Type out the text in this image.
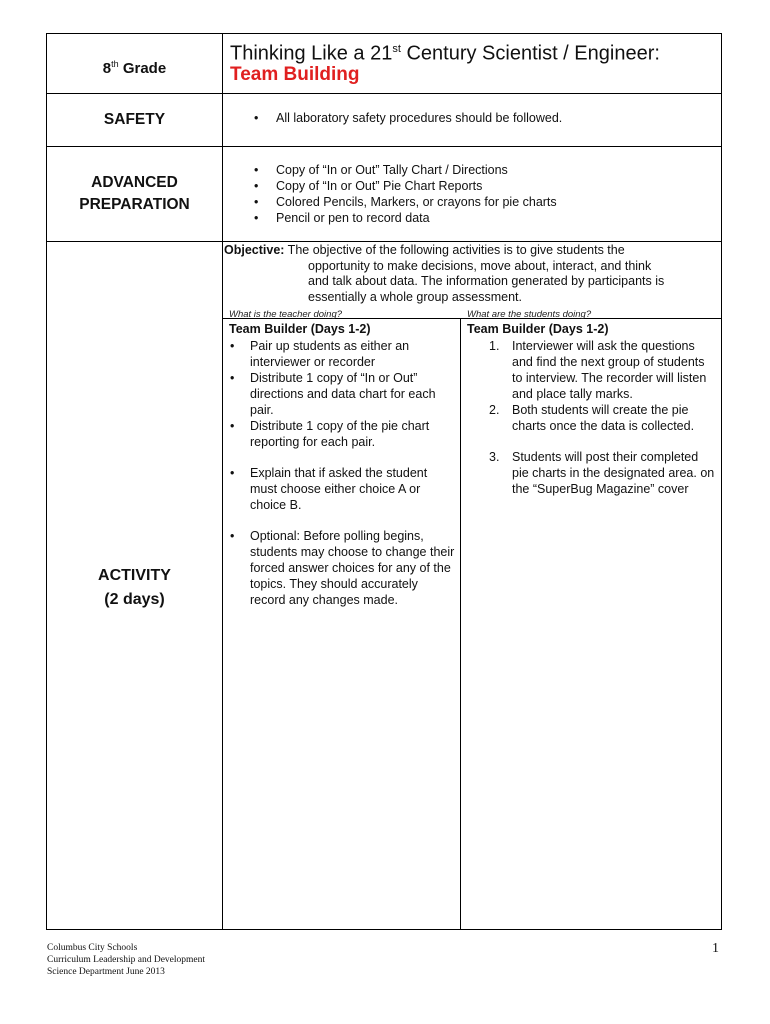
8th Grade
Thinking Like a 21st Century Scientist / Engineer:
Team Building
SAFETY
•	All laboratory safety procedures should be followed.
ADVANCED
PREPARATION
• Copy of “In or Out” Tally Chart / Directions
• Copy of “In or Out” Pie Chart Reports
• Colored Pencils, Markers, or crayons for pie charts
• Pencil or pen to record data
ACTIVITY
(2 days)
Objective: The objective of the following activities is to give students the
opportunity to make decisions, move about, interact, and think
and talk about data. The information generated by participants is
essentially a whole group assessment.
What is the teacher doing?	What are the students doing?
Team Builder (Days 1-2)	Team Builder (Days 1-2)
• Pair up students as either an interviewer or recorder
• Distribute 1 copy of “In or Out” directions and data chart for each pair.
• Distribute 1 copy of the pie chart reporting for each pair.
• Explain that if asked the student must choose either choice A or choice B.
• Optional: Before polling begins, students may choose to change their forced answer choices for any of the topics. They should accurately record any changes made.
1. Interviewer will ask the questions and find the next group of students to interview. The recorder will listen and place tally marks.
2. Both students will create the pie charts once the data is collected.
3. Students will post their completed pie charts in the designated area. on the “SuperBug Magazine” cover
Columbus City Schools
Curriculum Leadership and Development
Science Department June 2013
1
